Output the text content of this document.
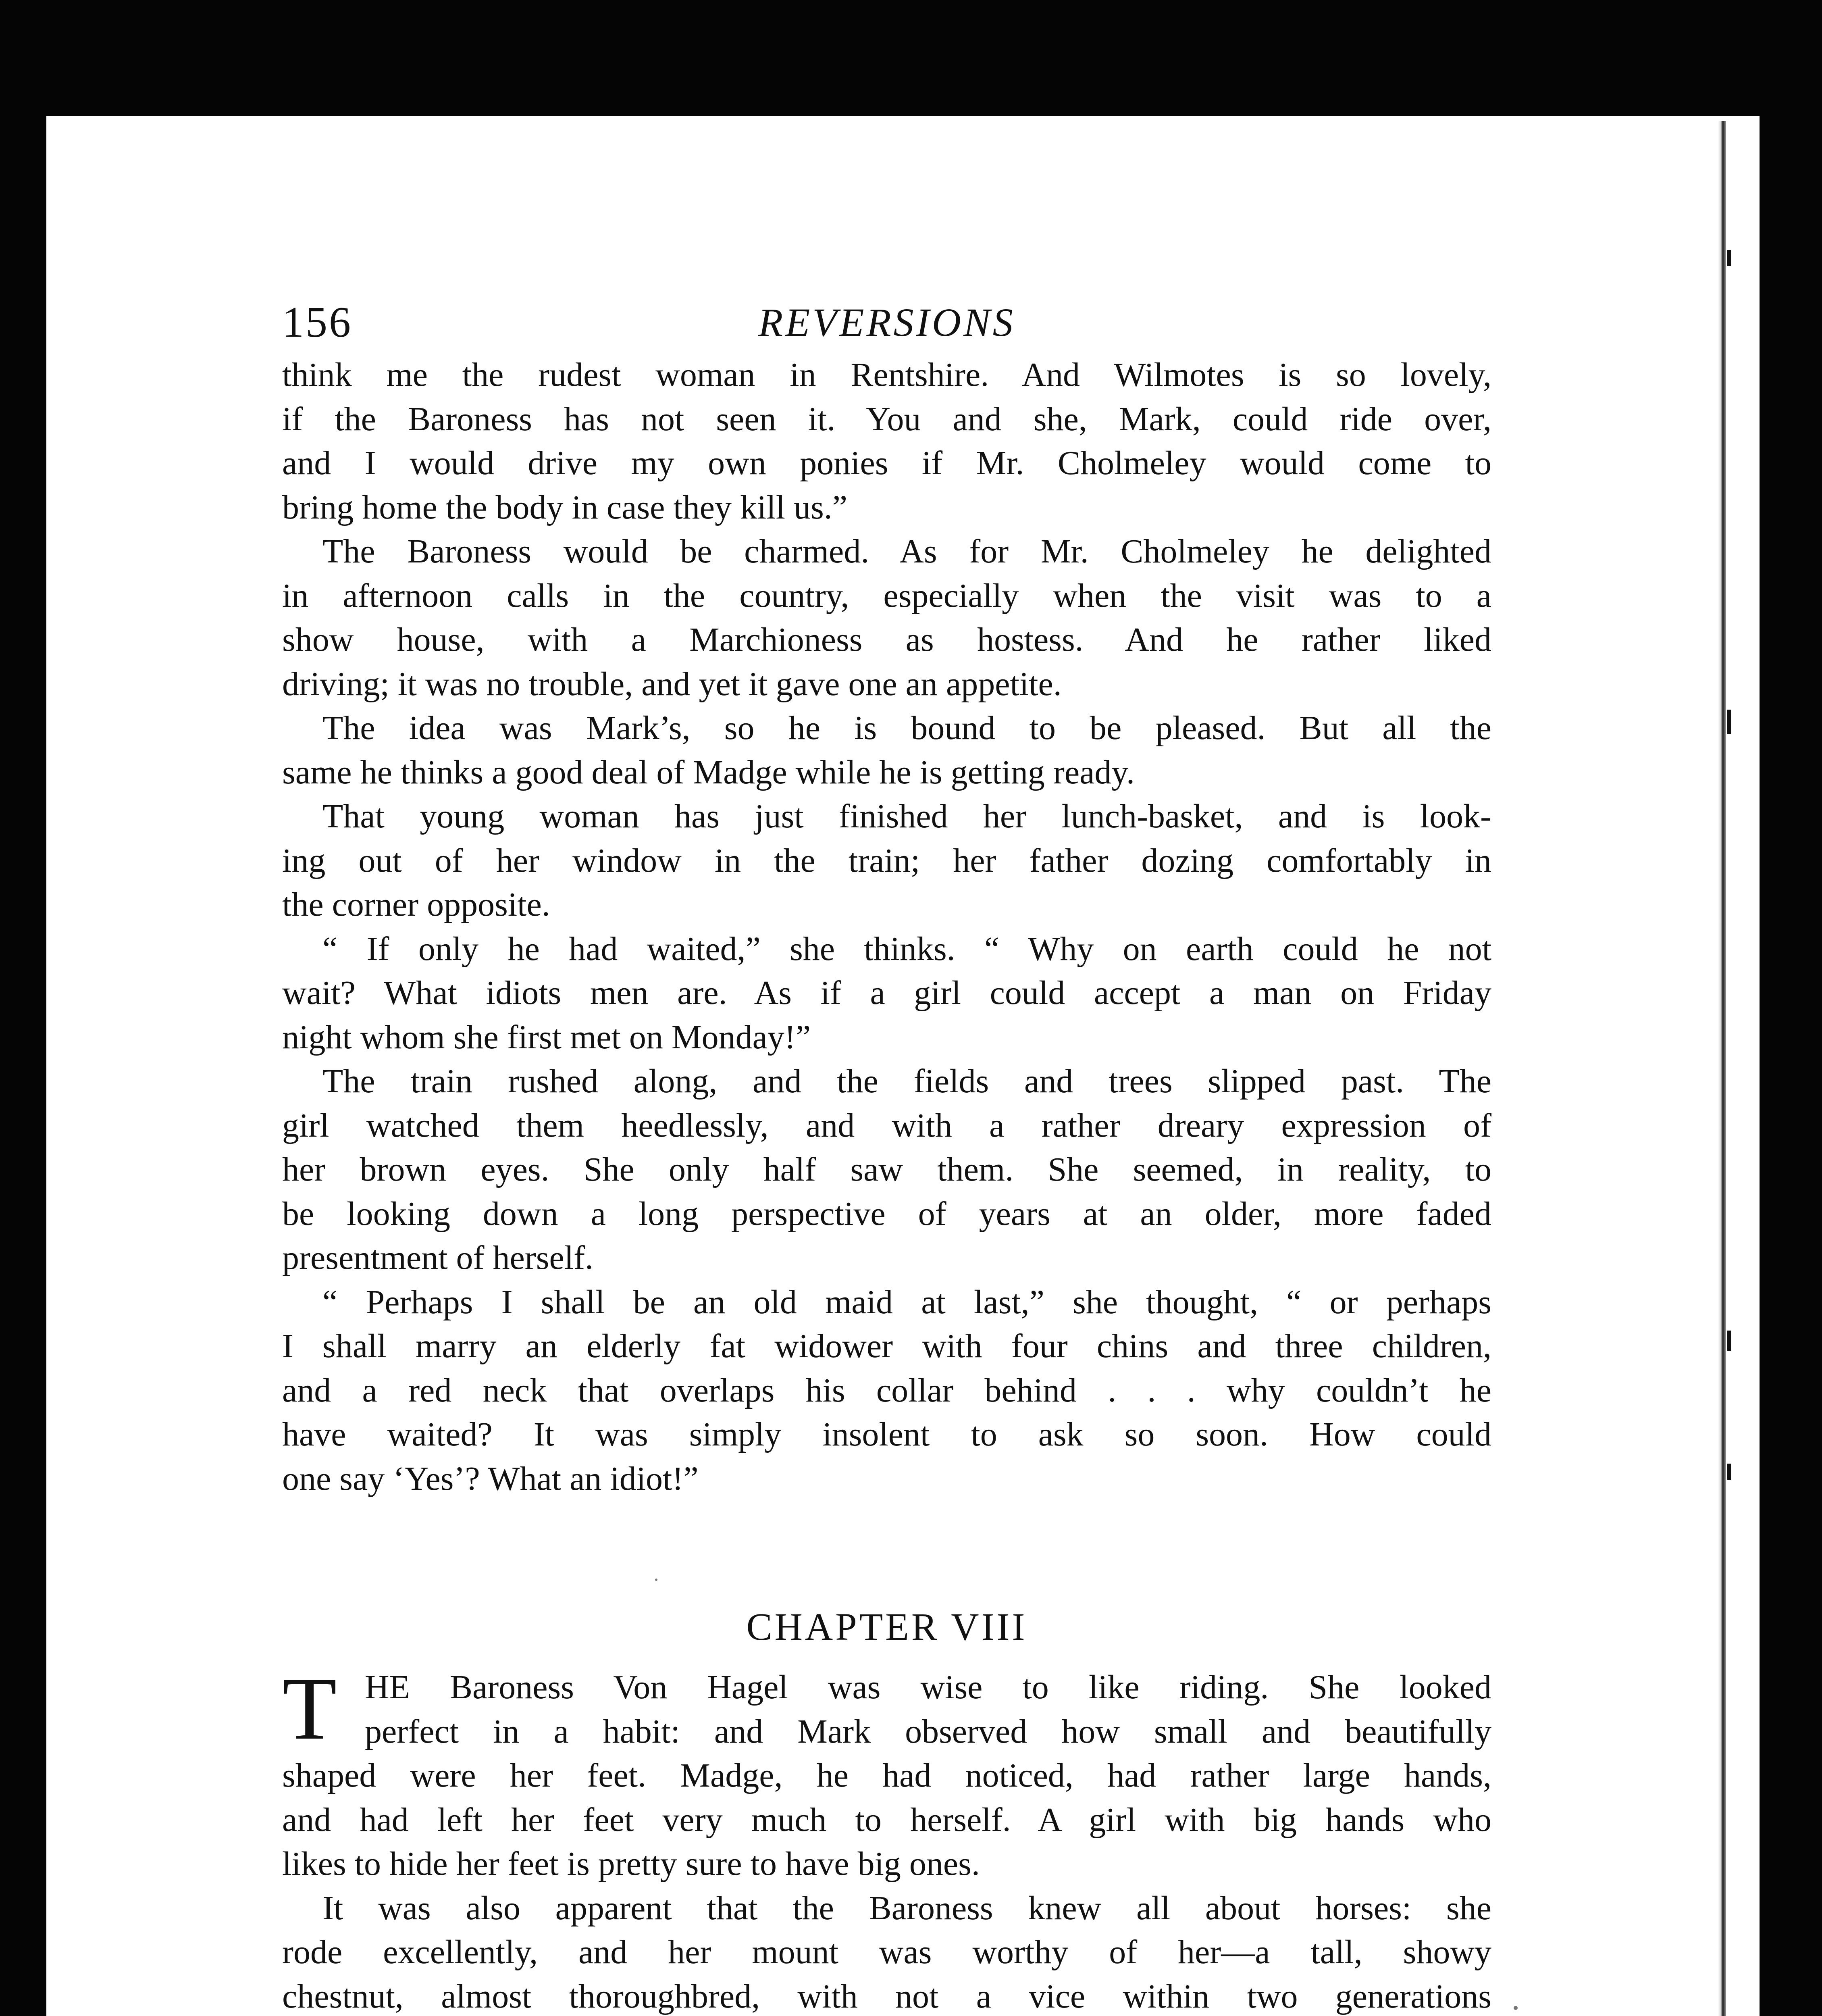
156	REVERSIONS
think me the rudest woman in Rentshire. And Wilmotes is so lovely,
if the Baroness has not seen it. You and she, Mark, could ride over,
and I would drive my own ponies if Mr. Cholmeley would come to
bring home the body in case they kill us.”
The Baroness would be charmed. As for Mr. Cholmeley he delighted
in afternoon calls in the country, especially when the visit was to a
show house, with a Marchioness as hostess. And he rather liked
driving; it was no trouble, and yet it gave one an appetite.
The idea was Mark’s, so he is bound to be pleased. But all the
same he thinks a good deal of Madge while he is getting ready.
That young woman has just finished her lunch-basket, and is look-
ing out of her window in the train; her father dozing comfortably in
the corner opposite.
“ If only he had waited,” she thinks. “ Why on earth could he not
wait? What idiots men are. As if a girl could accept a man on Friday
night whom she first met on Monday!”
The train rushed along, and the fields and trees slipped past. The
girl watched them heedlessly, and with a rather dreary expression of
her brown eyes. She only half saw them. She seemed, in reality, to
be looking down a long perspective of years at an older, more faded
presentment of herself.
“ Perhaps I shall be an old maid at last,” she thought, “ or perhaps
I shall marry an elderly fat widower with four chins and three children,
and a red neck that overlaps his collar behind . . . why couldn’t he
have waited? It was simply insolent to ask so soon. How could
one say ‘Yes’? What an idiot!”
CHAPTER VIII
T HE Baroness Von Hagel was wise to like riding. She looked
perfect in a habit: and Mark observed how small and beautifully
shaped were her feet. Madge, he had noticed, had rather large hands,
and had left her feet very much to herself. A girl with big hands who
likes to hide her feet is pretty sure to have big ones.
It was also apparent that the Baroness knew all about horses: she
rode excellently, and her mount was worthy of her—a tall, showy
chestnut, almost thoroughbred, with not a vice within two generations
